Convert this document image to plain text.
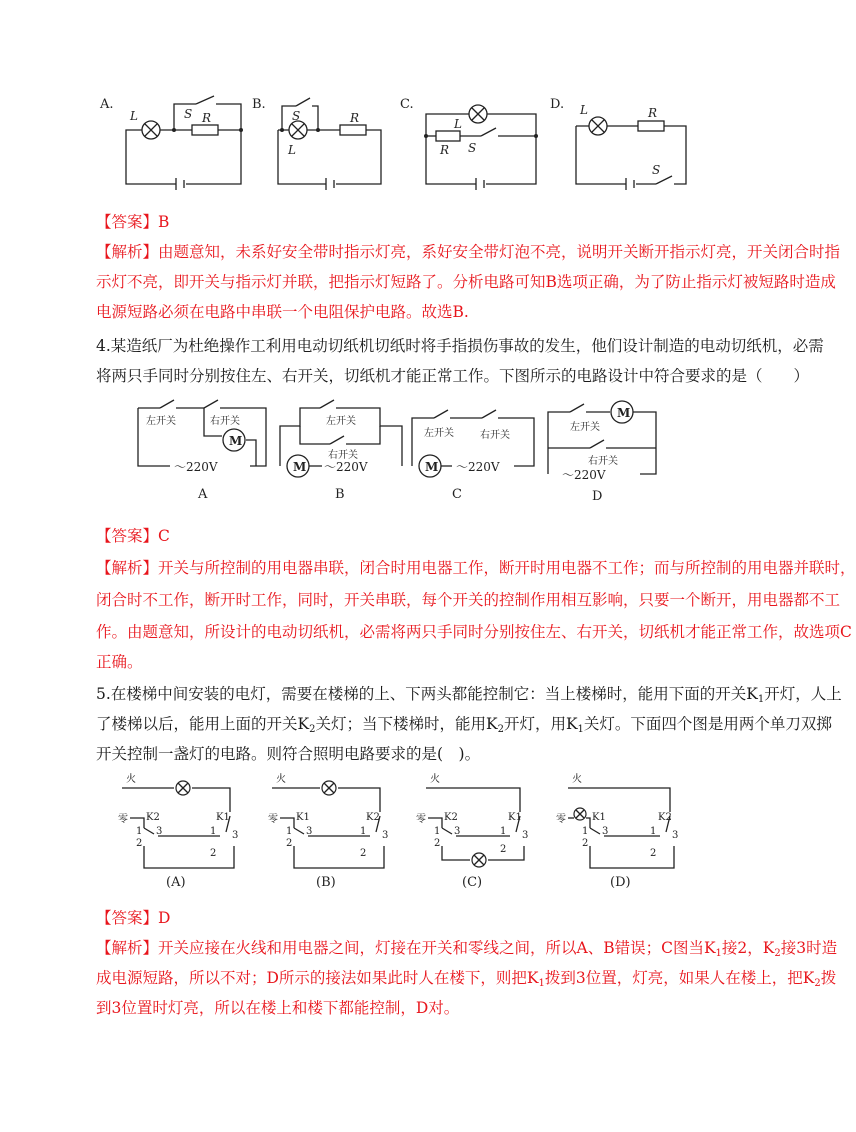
A.
L	S R
B.
S
L
R
C.
L
R S
D. L	R
S
【答案】B
【解析】由题意知，未系好安全带时指示灯亮，系好安全带灯泡不亮，说明开关断开指示灯亮，开关闭合时指
示灯不亮，即开关与指示灯并联，把指示灯短路了。分析电路可知B选项正确，为了防止指示灯被短路时造成
电源短路必须在电路中串联一个电阻保护电路。故选B.
4.某造纸厂为杜绝操作工利用电动切纸机切纸时将手指损伤事故的发生，他们设计制造的电动切纸机，必需
将两只手同时分别按住左、右开关，切纸机才能正常工作。下图所示的电路设计中符合要求的是（　　）
M
左开关	右开关
～220V
A
M
左开关
右开关
～220V
B
M
左开关	右开关
～220V
C
M
左开关
右开关
～220V
D
【答案】C
【解析】开关与所控制的用电器串联，闭合时用电器工作，断开时用电器不工作；而与所控制的用电器并联时，
闭合时不工作，断开时工作，同时，开关串联，每个开关的控制作用相互影响，只要一个断开，用电器都不工
作。由题意知，所设计的电动切纸机，必需将两只手同时分别按住左、右开关，切纸机才能正常工作，故选项C
正确。
5.在楼梯中间安装的电灯，需要在楼梯的上、下两头都能控制它：当上楼梯时，能用下面的开关$K_1$开灯，人上
了楼梯以后，能用上面的开关$K_2$关灯；当下楼梯时，能用$K_2$开灯，用$K_1$关灯。下面四个图是用两个单刀双掷
开关控制一盏灯的电路。则符合照明电路要求的是(　)。
火
零 K2	K1
1
2
3	1
2
3
(A)
火
零 K1	K2
1
2
3	1
2
3
(B)
火
零 K2	K1
1
2
3	1
2
3
(C)
火
零	K1	K2
1
2
3	1
2
3
(D)
【答案】D
【解析】开关应接在火线和用电器之间，灯接在开关和零线之间，所以A、B错误；C图当$K_1$接2，$K_2$接3时造
成电源短路，所以不对；D所示的接法如果此时人在楼下，则把$K_1$拨到3位置，灯亮，如果人在楼上，把$K_2$拨
到3位置时灯亮，所以在楼上和楼下都能控制，D对。
